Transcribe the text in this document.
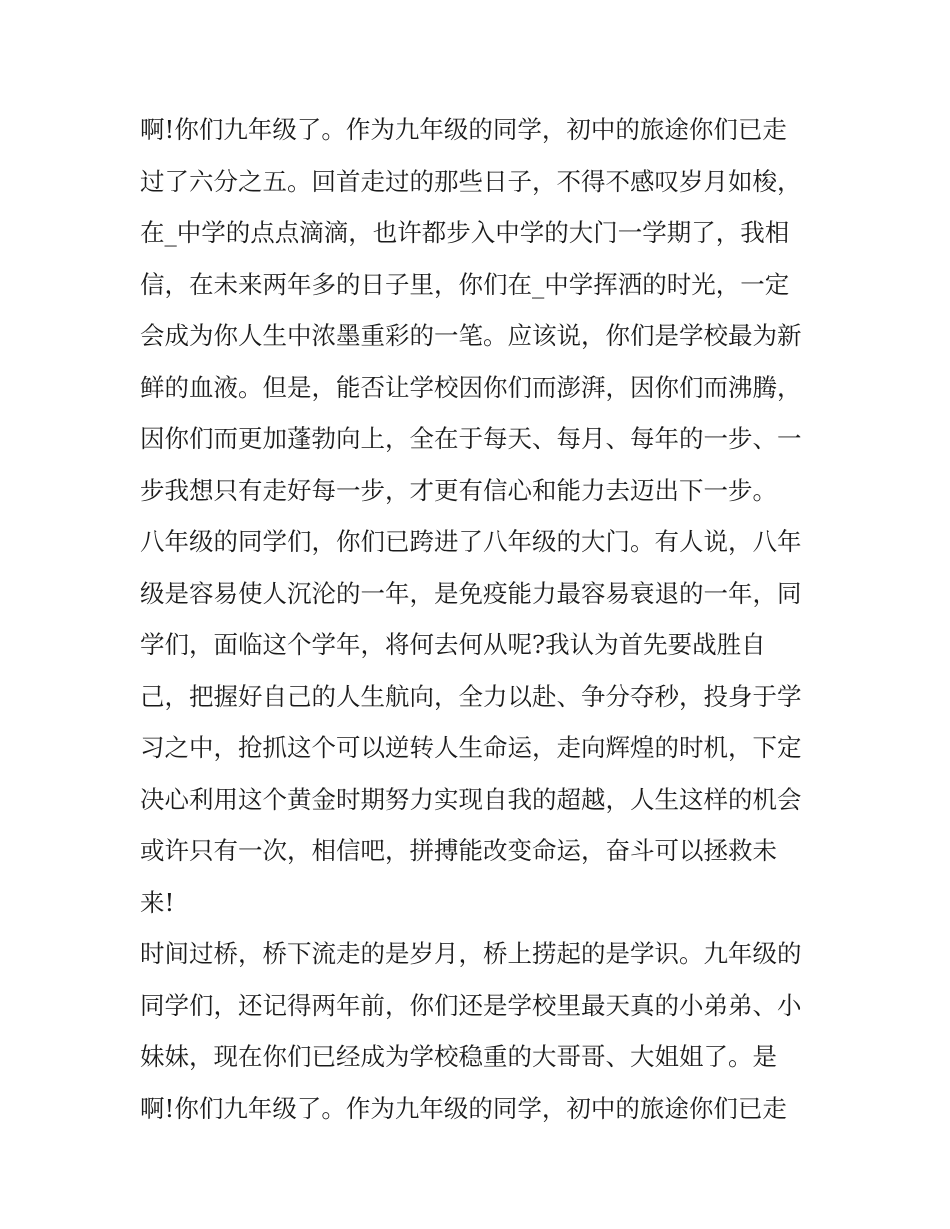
啊!你们九年级了。作为九年级的同学，初中的旅途你们已走
过了六分之五。回首走过的那些日子，不得不感叹岁月如梭，
在_中学的点点滴滴，也许都步入中学的大门一学期了，我相
信，在未来两年多的日子里，你们在_中学挥洒的时光，一定
会成为你人生中浓墨重彩的一笔。应该说，你们是学校最为新
鲜的血液。但是，能否让学校因你们而澎湃，因你们而沸腾，
因你们而更加蓬勃向上，全在于每天、每月、每年的一步、一
步我想只有走好每一步，才更有信心和能力去迈出下一步。
八年级的同学们，你们已跨进了八年级的大门。有人说，八年
级是容易使人沉沦的一年，是免疫能力最容易衰退的一年，同
学们，面临这个学年，将何去何从呢?我认为首先要战胜自
己，把握好自己的人生航向，全力以赴、争分夺秒，投身于学
习之中，抢抓这个可以逆转人生命运，走向辉煌的时机，下定
决心利用这个黄金时期努力实现自我的超越，人生这样的机会
或许只有一次，相信吧，拼搏能改变命运，奋斗可以拯救未
来!
时间过桥，桥下流走的是岁月，桥上捞起的是学识。九年级的
同学们，还记得两年前，你们还是学校里最天真的小弟弟、小
妹妹，现在你们已经成为学校稳重的大哥哥、大姐姐了。是
啊!你们九年级了。作为九年级的同学，初中的旅途你们已走
